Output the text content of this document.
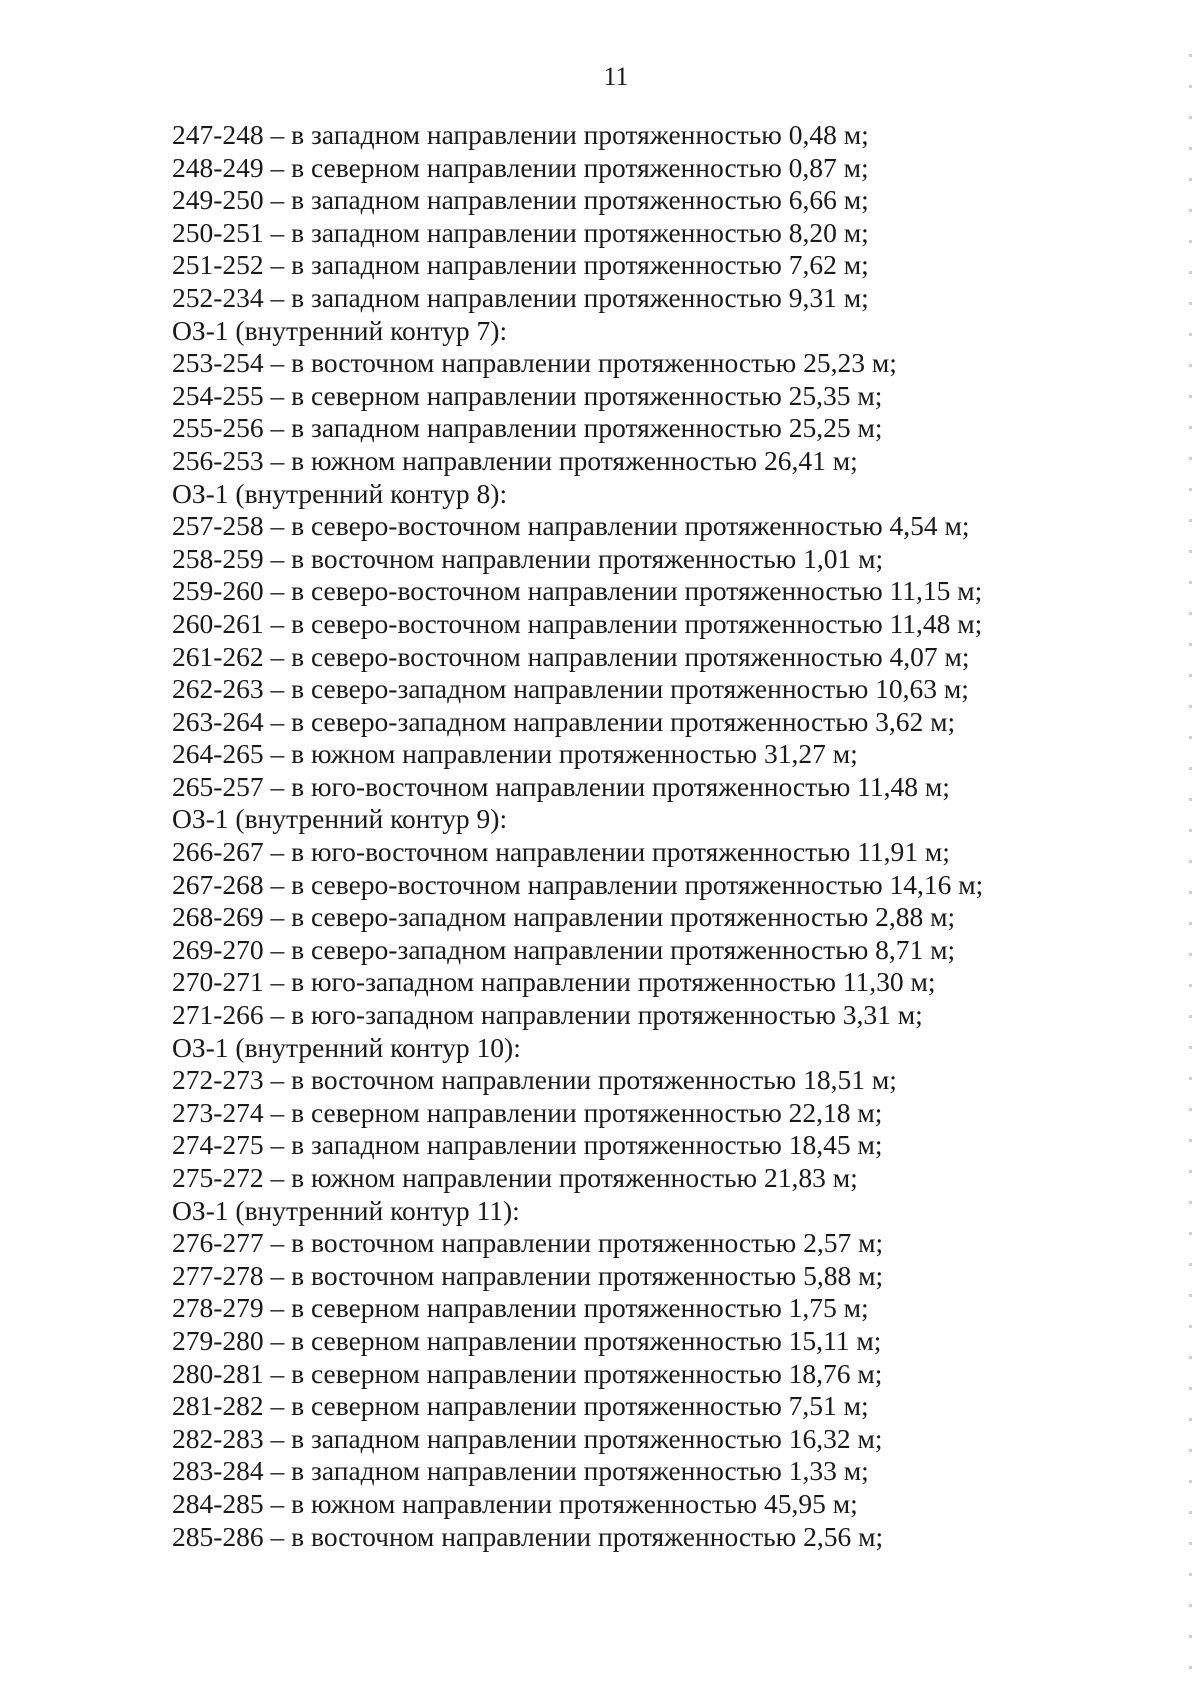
11
247-248 – в западном направлении протяженностью 0,48 м;
248-249 – в северном направлении протяженностью 0,87 м;
249-250 – в западном направлении протяженностью 6,66 м;
250-251 – в западном направлении протяженностью 8,20 м;
251-252 – в западном направлении протяженностью 7,62 м;
252-234 – в западном направлении протяженностью 9,31 м;
ОЗ-1 (внутренний контур 7):
253-254 – в восточном направлении протяженностью 25,23 м;
254-255 – в северном направлении протяженностью 25,35 м;
255-256 – в западном направлении протяженностью 25,25 м;
256-253 – в южном направлении протяженностью 26,41 м;
ОЗ-1 (внутренний контур 8):
257-258 – в северо-восточном направлении протяженностью 4,54 м;
258-259 – в восточном направлении протяженностью 1,01 м;
259-260 – в северо-восточном направлении протяженностью 11,15 м;
260-261 – в северо-восточном направлении протяженностью 11,48 м;
261-262 – в северо-восточном направлении протяженностью 4,07 м;
262-263 – в северо-западном направлении протяженностью 10,63 м;
263-264 – в северо-западном направлении протяженностью 3,62 м;
264-265 – в южном направлении протяженностью 31,27 м;
265-257 – в юго-восточном направлении протяженностью 11,48 м;
ОЗ-1 (внутренний контур 9):
266-267 – в юго-восточном направлении протяженностью 11,91 м;
267-268 – в северо-восточном направлении протяженностью 14,16 м;
268-269 – в северо-западном направлении протяженностью 2,88 м;
269-270 – в северо-западном направлении протяженностью 8,71 м;
270-271 – в юго-западном направлении протяженностью 11,30 м;
271-266 – в юго-западном направлении протяженностью 3,31 м;
ОЗ-1 (внутренний контур 10):
272-273 – в восточном направлении протяженностью 18,51 м;
273-274 – в северном направлении протяженностью 22,18 м;
274-275 – в западном направлении протяженностью 18,45 м;
275-272 – в южном направлении протяженностью 21,83 м;
ОЗ-1 (внутренний контур 11):
276-277 – в восточном направлении протяженностью 2,57 м;
277-278 – в восточном направлении протяженностью 5,88 м;
278-279 – в северном направлении протяженностью 1,75 м;
279-280 – в северном направлении протяженностью 15,11 м;
280-281 – в северном направлении протяженностью 18,76 м;
281-282 – в северном направлении протяженностью 7,51 м;
282-283 – в западном направлении протяженностью 16,32 м;
283-284 – в западном направлении протяженностью 1,33 м;
284-285 – в южном направлении протяженностью 45,95 м;
285-286 – в восточном направлении протяженностью 2,56 м;
